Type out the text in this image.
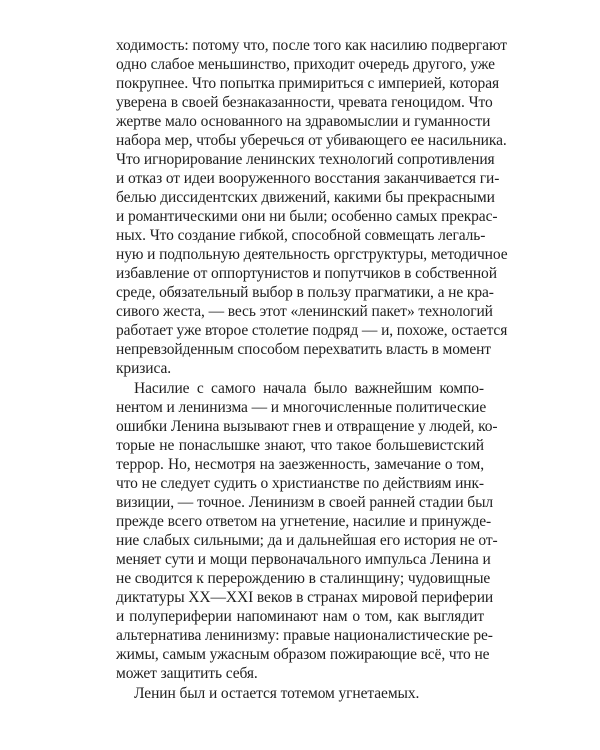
ходимость: потому что, после того как насилию подвергают

одно слабое меньшинство, приходит очередь другого, уже

покрупнее. Что попытка примириться с империей, которая

уверена в своей безнаказанности, чревата геноцидом. Что

жертве мало основанного на здравомыслии и гуманности

набора мер, чтобы уберечься от убивающего ее насильника.

Что игнорирование ленинских технологий сопротивления

и отказ от идеи вооруженного восстания заканчивается ги-

белью диссидентских движений, какими бы прекрасными

и романтическими они ни были; особенно самых прекрас-

ных. Что создание гибкой, способной совмещать легаль-

ную и подпольную деятельность оргструктуры, методичное

избавление от оппортунистов и попутчиков в собственной

среде, обязательный выбор в пользу прагматики, а не кра-

сивого жеста, — весь этот «ленинский пакет» технологий

работает уже второе столетие подряд — и, похоже, остается

непревзойденным способом перехватить власть в момент

кризиса.

Насилие с самого начала было важнейшим компо-

нентом и ленинизма — и многочисленные политические

ошибки Ленина вызывают гнев и отвращение у людей, ко-

торые не понаслышке знают, что такое большевистский

террор. Но, несмотря на заезженность, замечание о том,

что не следует судить о христианстве по действиям инк-

визиции, — точное. Ленинизм в своей ранней стадии был

прежде всего ответом на угнетение, насилие и принужде-

ние слабых сильными; да и дальнейшая его история не от-

меняет сути и мощи первоначального импульса Ленина и

не сводится к перерождению в сталинщину; чудовищные

диктатуры XX—XXI веков в странах мировой периферии

и полупериферии напоминают нам о том, как выглядит

альтернатива ленинизму: правые националистические ре-

жимы, самым ужасным образом пожирающие всё, что не

может защитить себя.

Ленин был и остается тотемом угнетаемых.
